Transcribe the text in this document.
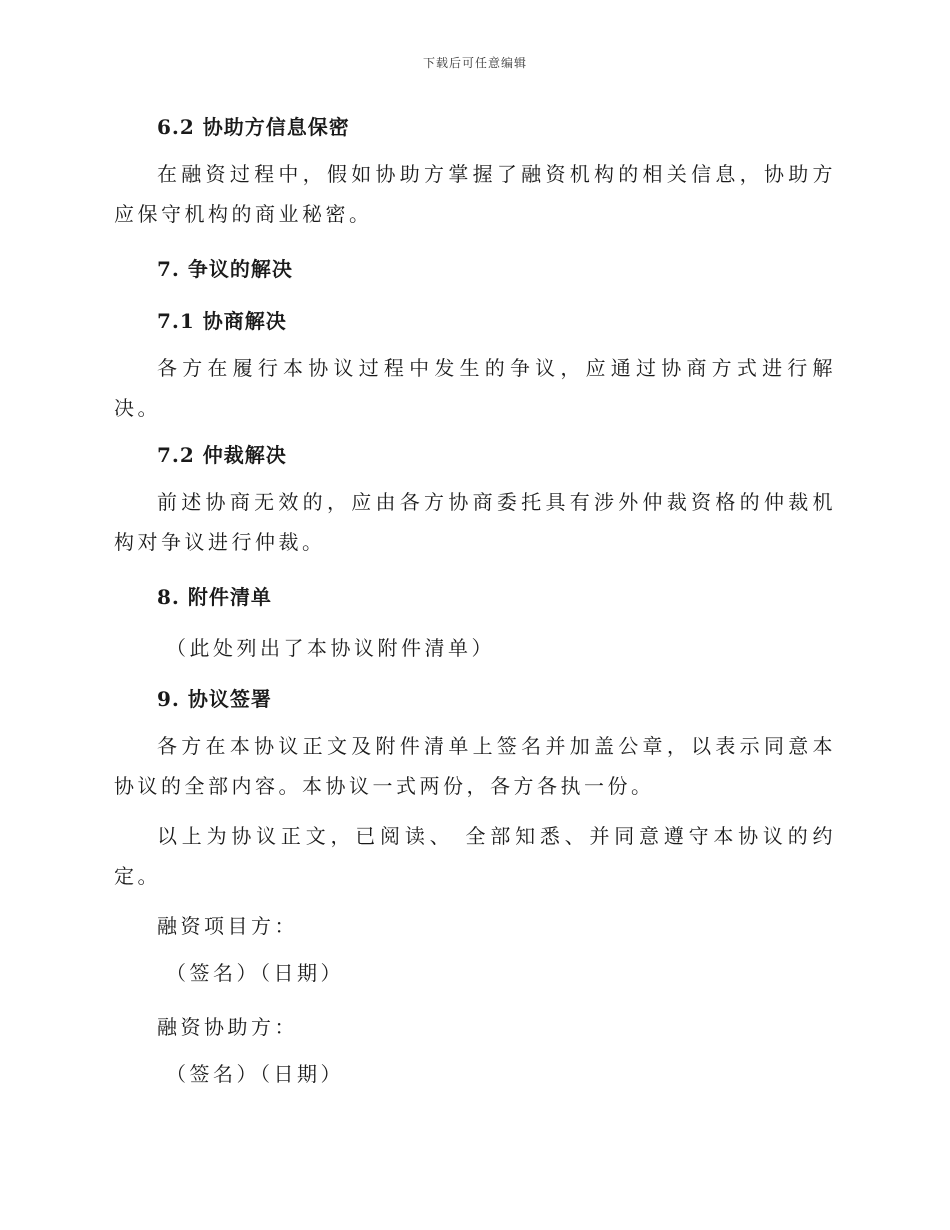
下载后可任意编辑
6.2 协助方信息保密

在融资过程中，假如协助方掌握了融资机构的相关信息，协助方应保守机构的商业秘密。

7. 争议的解决
7.1 协商解决

各方在履行本协议过程中发生的争议，应通过协商方式进行解决。

7.2 仲裁解决

前述协商无效的，应由各方协商委托具有涉外仲裁资格的仲裁机构对争议进行仲裁。

8. 附件清单

（此处列出了本协议附件清单）

9. 协议签署

各方在本协议正文及附件清单上签名并加盖公章，以表示同意本协议的全部内容。本协议一式两份，各方各执一份。

以上为协议正文，已阅读、 全部知悉、并同意遵守本协议的约定。

融资项目方：

（签名）（日期）

融资协助方：

（签名）（日期）
